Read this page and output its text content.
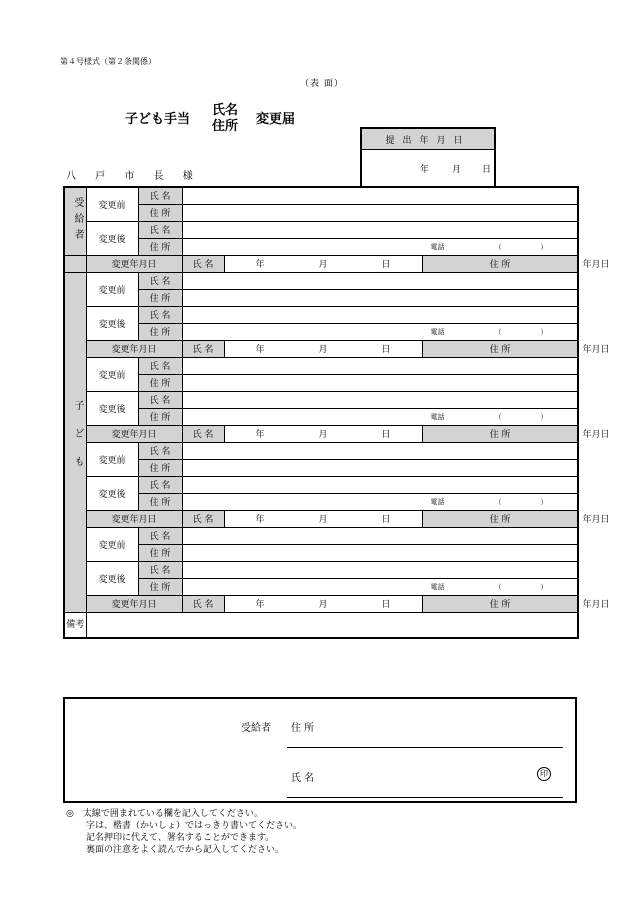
第４号様式（第２条関係）
（表 面）
子ども手当
氏名
住所 変更届
八 戸 市 長 様
提出年月日
年	月 日
受給者	変更前	氏 名				
		住 所				
	変更後	氏 名				
		住 所	電話 （ ）			

	変更年月日		氏 名	年 月 日	住 所	年 月 日

子ども	変更前	氏 名				
		住 所				
	変更後	氏 名				
		住 所	電話 （ ）			

	変更年月日		氏 名	年 月 日	住 所	年 月 日

	変更前	氏 名				
		住 所				
	変更後	氏 名				
		住 所	電話 （ ）			

	変更年月日		氏 名	年 月 日	住 所	年 月 日

	変更前	氏 名				
		住 所				
	変更後	氏 名				
		住 所	電話 （ ）			

	変更年月日		氏 名	年 月 日	住 所	年 月 日

	変更前	氏 名				
		住 所				
	変更後	氏 名				
		住 所	電話 （ ）			

	変更年月日		氏 名	年 月 日	住 所	年 月 日

備考						
受給者 住 所
氏 名	印
◎　 太線で囲まれている欄を記入してください。
字は、楷書（かいしょ）ではっきり書いてください。
記名押印に代えて、署名することができます。
裏面の注意をよく読んでから記入してください。
